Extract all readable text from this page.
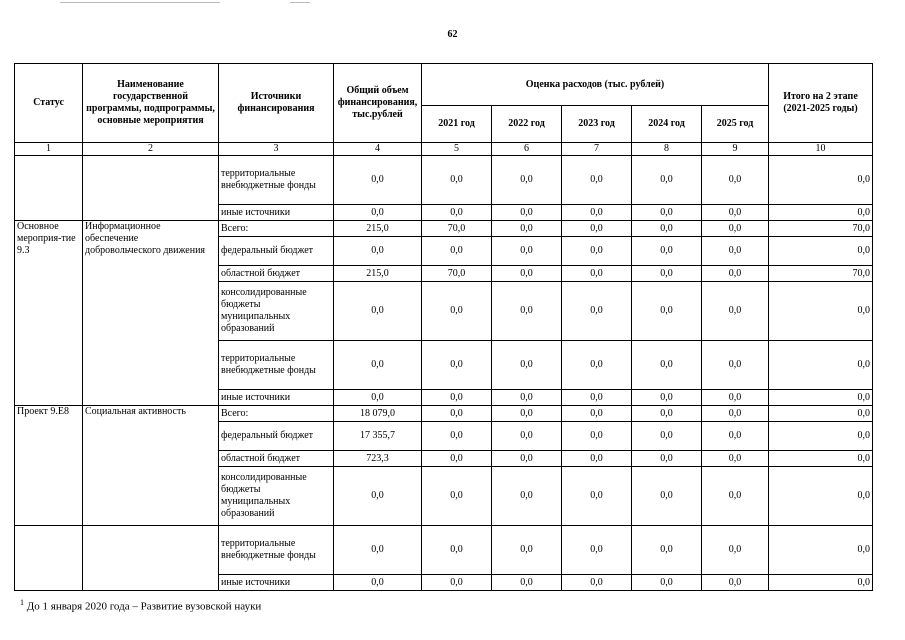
62
Статус	Наименование государственной программы, подпрограммы, основные мероприятия	Источники финансирования	Общий объем финансирования, тыс.рублей	Оценка расходов (тыс. рублей)					Итого на 2 этапе (2021-2025 годы)
				2021 год	2022 год	2023 год	2024 год	2025 год	
1	2	3	4	5	6	7	8	9	10
		территориальные внебюджетные фонды	0,0	0,0	0,0	0,0	0,0	0,0	0,0
		иные источники	0,0	0,0	0,0	0,0	0,0	0,0	0,0
Основное мероприя-тие 9.3	Информационное обеспечение добровольческого движения	Всего:	215,0	70,0	0,0	0,0	0,0	0,0	70,0
		федеральный бюджет	0,0	0,0	0,0	0,0	0,0	0,0	0,0
		областной бюджет	215,0	70,0	0,0	0,0	0,0	0,0	70,0
		консолидированные бюджеты муниципальных образований	0,0	0,0	0,0	0,0	0,0	0,0	0,0
		территориальные внебюджетные фонды	0,0	0,0	0,0	0,0	0,0	0,0	0,0
		иные источники	0,0	0,0	0,0	0,0	0,0	0,0	0,0
Проект 9.Е8	Социальная активность	Всего:	18 079,0	0,0	0,0	0,0	0,0	0,0	0,0
		федеральный бюджет	17 355,7	0,0	0,0	0,0	0,0	0,0	0,0
		областной бюджет	723,3	0,0	0,0	0,0	0,0	0,0	0,0
		консолидированные бюджеты муниципальных образований	0,0	0,0	0,0	0,0	0,0	0,0	0,0
		территориальные внебюджетные фонды	0,0	0,0	0,0	0,0	0,0	0,0	0,0
		иные источники	0,0	0,0	0,0	0,0	0,0	0,0	0,0
$^1$ До 1 января 2020 года – Развитие вузовской науки
